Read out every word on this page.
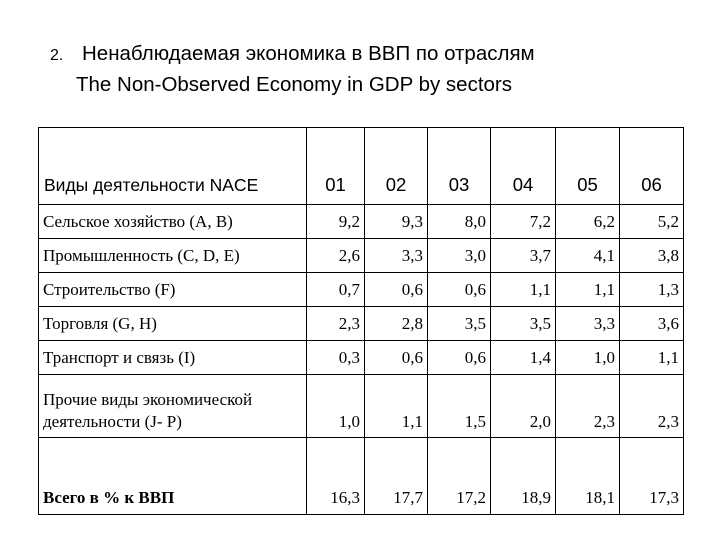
2. Ненаблюдаемая экономика в ВВП по отраслям
The Non-Observed Economy in GDP by sectors
Виды деятельности NACE	01	02	03	04	05	06
Сельское хозяйство (A, B)	9,2	9,3	8,0	7,2	6,2	5,2
Промышленность (C, D, E)	2,6	3,3	3,0	3,7	4,1	3,8
Строительство (F)	0,7	0,6	0,6	1,1	1,1	1,3
Торговля (G, H)	2,3	2,8	3,5	3,5	3,3	3,6
Транспорт и связь (I)	0,3	0,6	0,6	1,4	1,0	1,1
Прочие виды экономической деятельности (J- P)	1,0	1,1	1,5	2,0	2,3	2,3
Всего в % к ВВП	16,3	17,7	17,2	18,9	18,1	17,3
